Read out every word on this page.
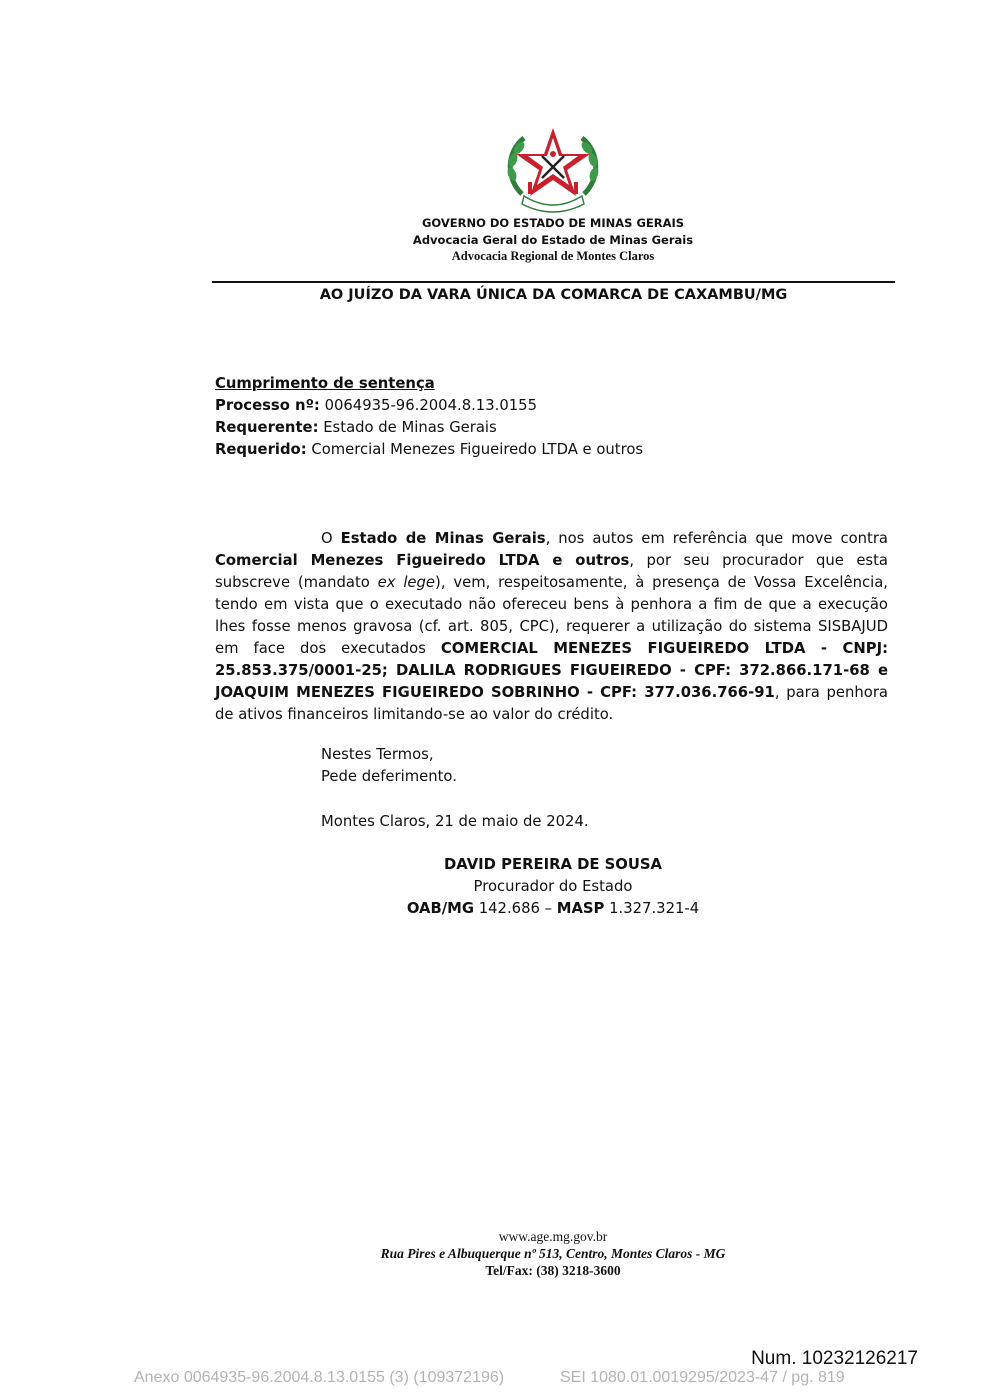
GOVERNO DO ESTADO DE MINAS GERAIS
Advocacia Geral do Estado de Minas Gerais
Advocacia Regional de Montes Claros
AO JUÍZO DA VARA ÚNICA DA COMARCA DE CAXAMBU/MG
Cumprimento de sentença
Processo nº: 0064935-96.2004.8.13.0155
Requerente: Estado de Minas Gerais
Requerido: Comercial Menezes Figueiredo LTDA e outros
O Estado de Minas Gerais, nos autos em referência que move contra Comercial Menezes Figueiredo LTDA e outros, por seu procurador que esta subscreve (mandato ex lege), vem, respeitosamente, à presença de Vossa Excelência, tendo em vista que o executado não ofereceu bens à penhora a fim de que a execução lhes fosse menos gravosa (cf. art. 805, CPC), requerer a utilização do sistema SISBAJUD em face dos executados COMERCIAL MENEZES FIGUEIREDO LTDA - CNPJ: 25.853.375/0001-25; DALILA RODRIGUES FIGUEIREDO - CPF: 372.866.171-68 e JOAQUIM MENEZES FIGUEIREDO SOBRINHO - CPF: 377.036.766-91, para penhora de ativos financeiros limitando-se ao valor do crédito.
Nestes Termos,
Pede deferimento.
Montes Claros, 21 de maio de 2024.
DAVID PEREIRA DE SOUSA
Procurador do Estado
OAB/MG 142.686 – MASP 1.327.321-4
www.age.mg.gov.br
Rua Pires e Albuquerque nº 513, Centro, Montes Claros - MG
Tel/Fax: (38) 3218-3600
Num. 10232126217
Anexo 0064935-96.2004.8.13.0155 (3) (109372196)	SEI 1080.01.0019295/2023-47 / pg. 819
